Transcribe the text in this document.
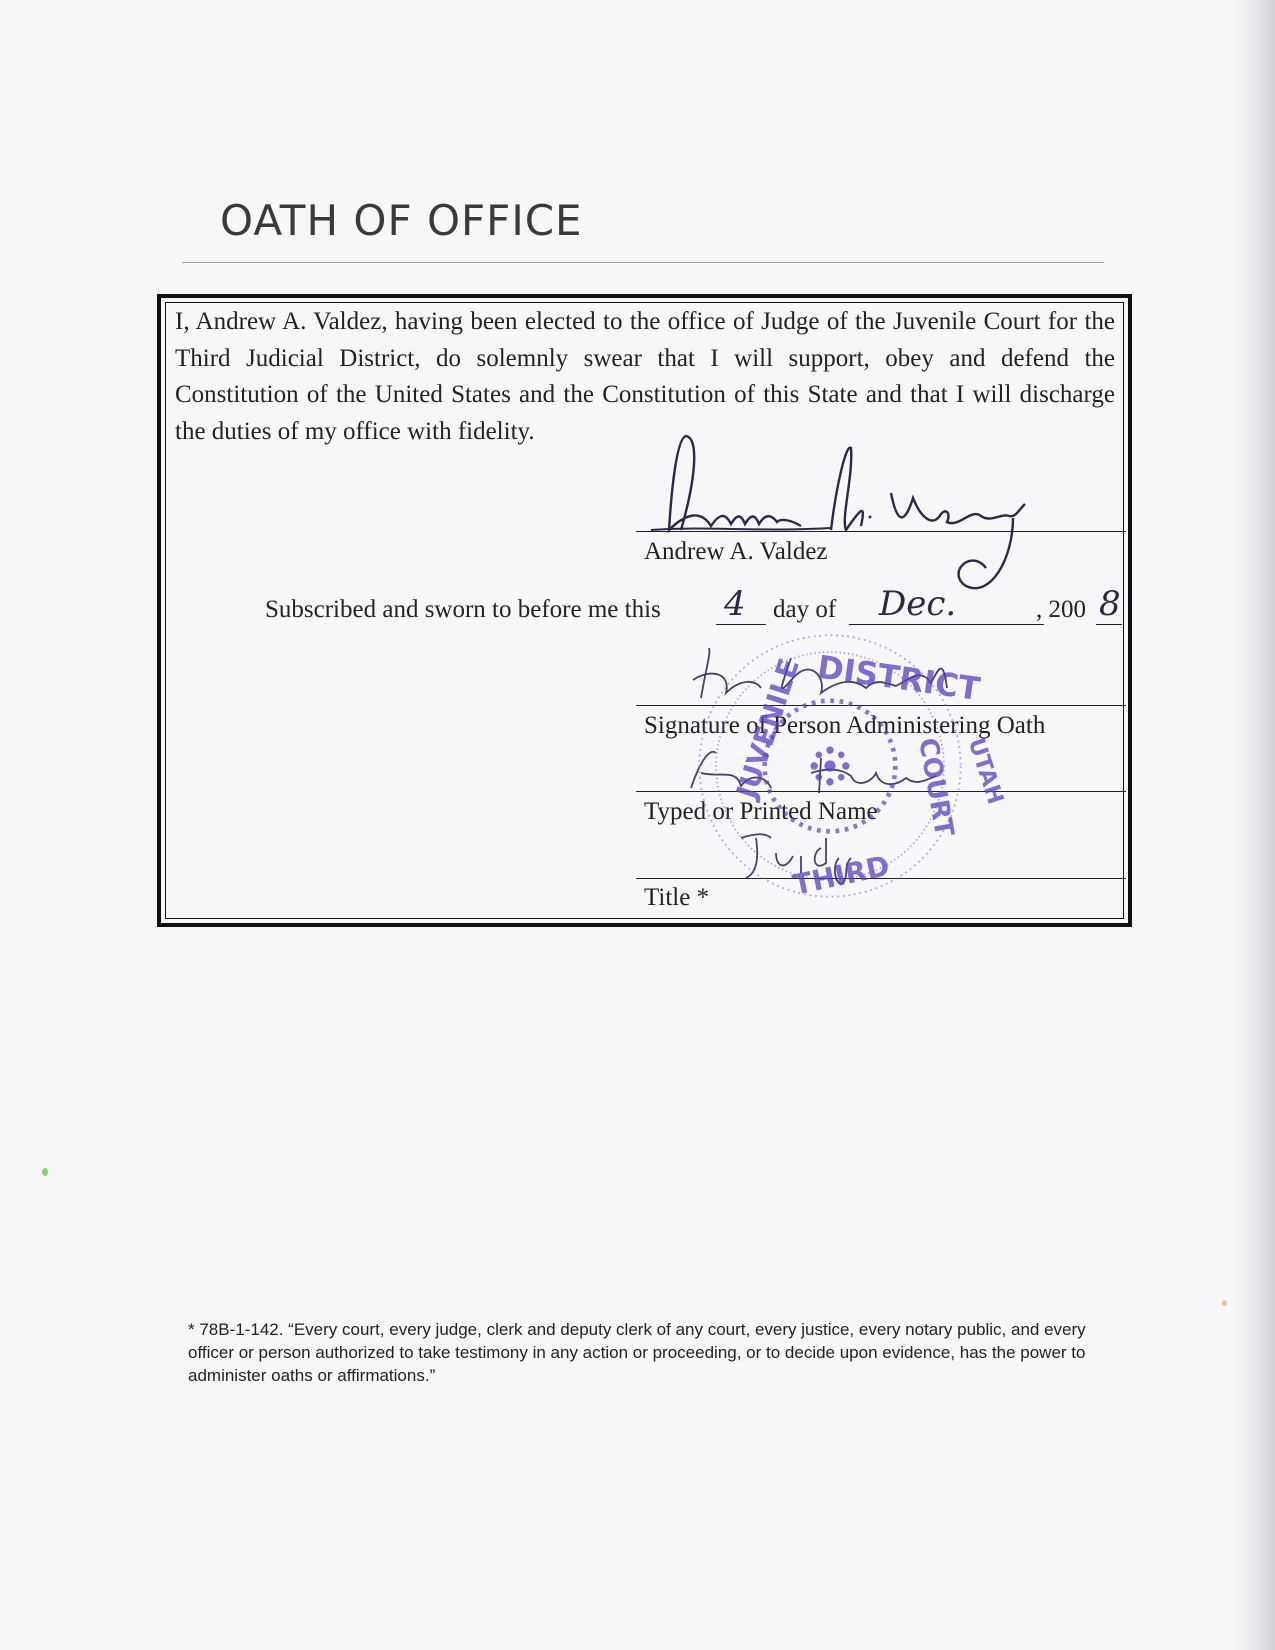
OATH OF OFFICE
I, Andrew A. Valdez, having been elected to the office of Judge of the Juvenile Court for the Third Judicial District, do solemnly swear that I will support, obey and defend the Constitution of the United States and the Constitution of this State and that I will discharge the duties of my office with fidelity.
Andrew A. Valdez
Subscribed and sworn to before me this 4 day of Dec.	, 200 8
Signature of Person Administering Oath
Typed or Printed Name
Title *
DISTRICT
JUVENILE	COURT
THIRD
UTAH
* 78B-1-142. “Every court, every judge, clerk and deputy clerk of any court, every justice, every notary public, and every officer or person authorized to take testimony in any action or proceeding, or to decide upon evidence, has the power to administer oaths or affirmations.”
